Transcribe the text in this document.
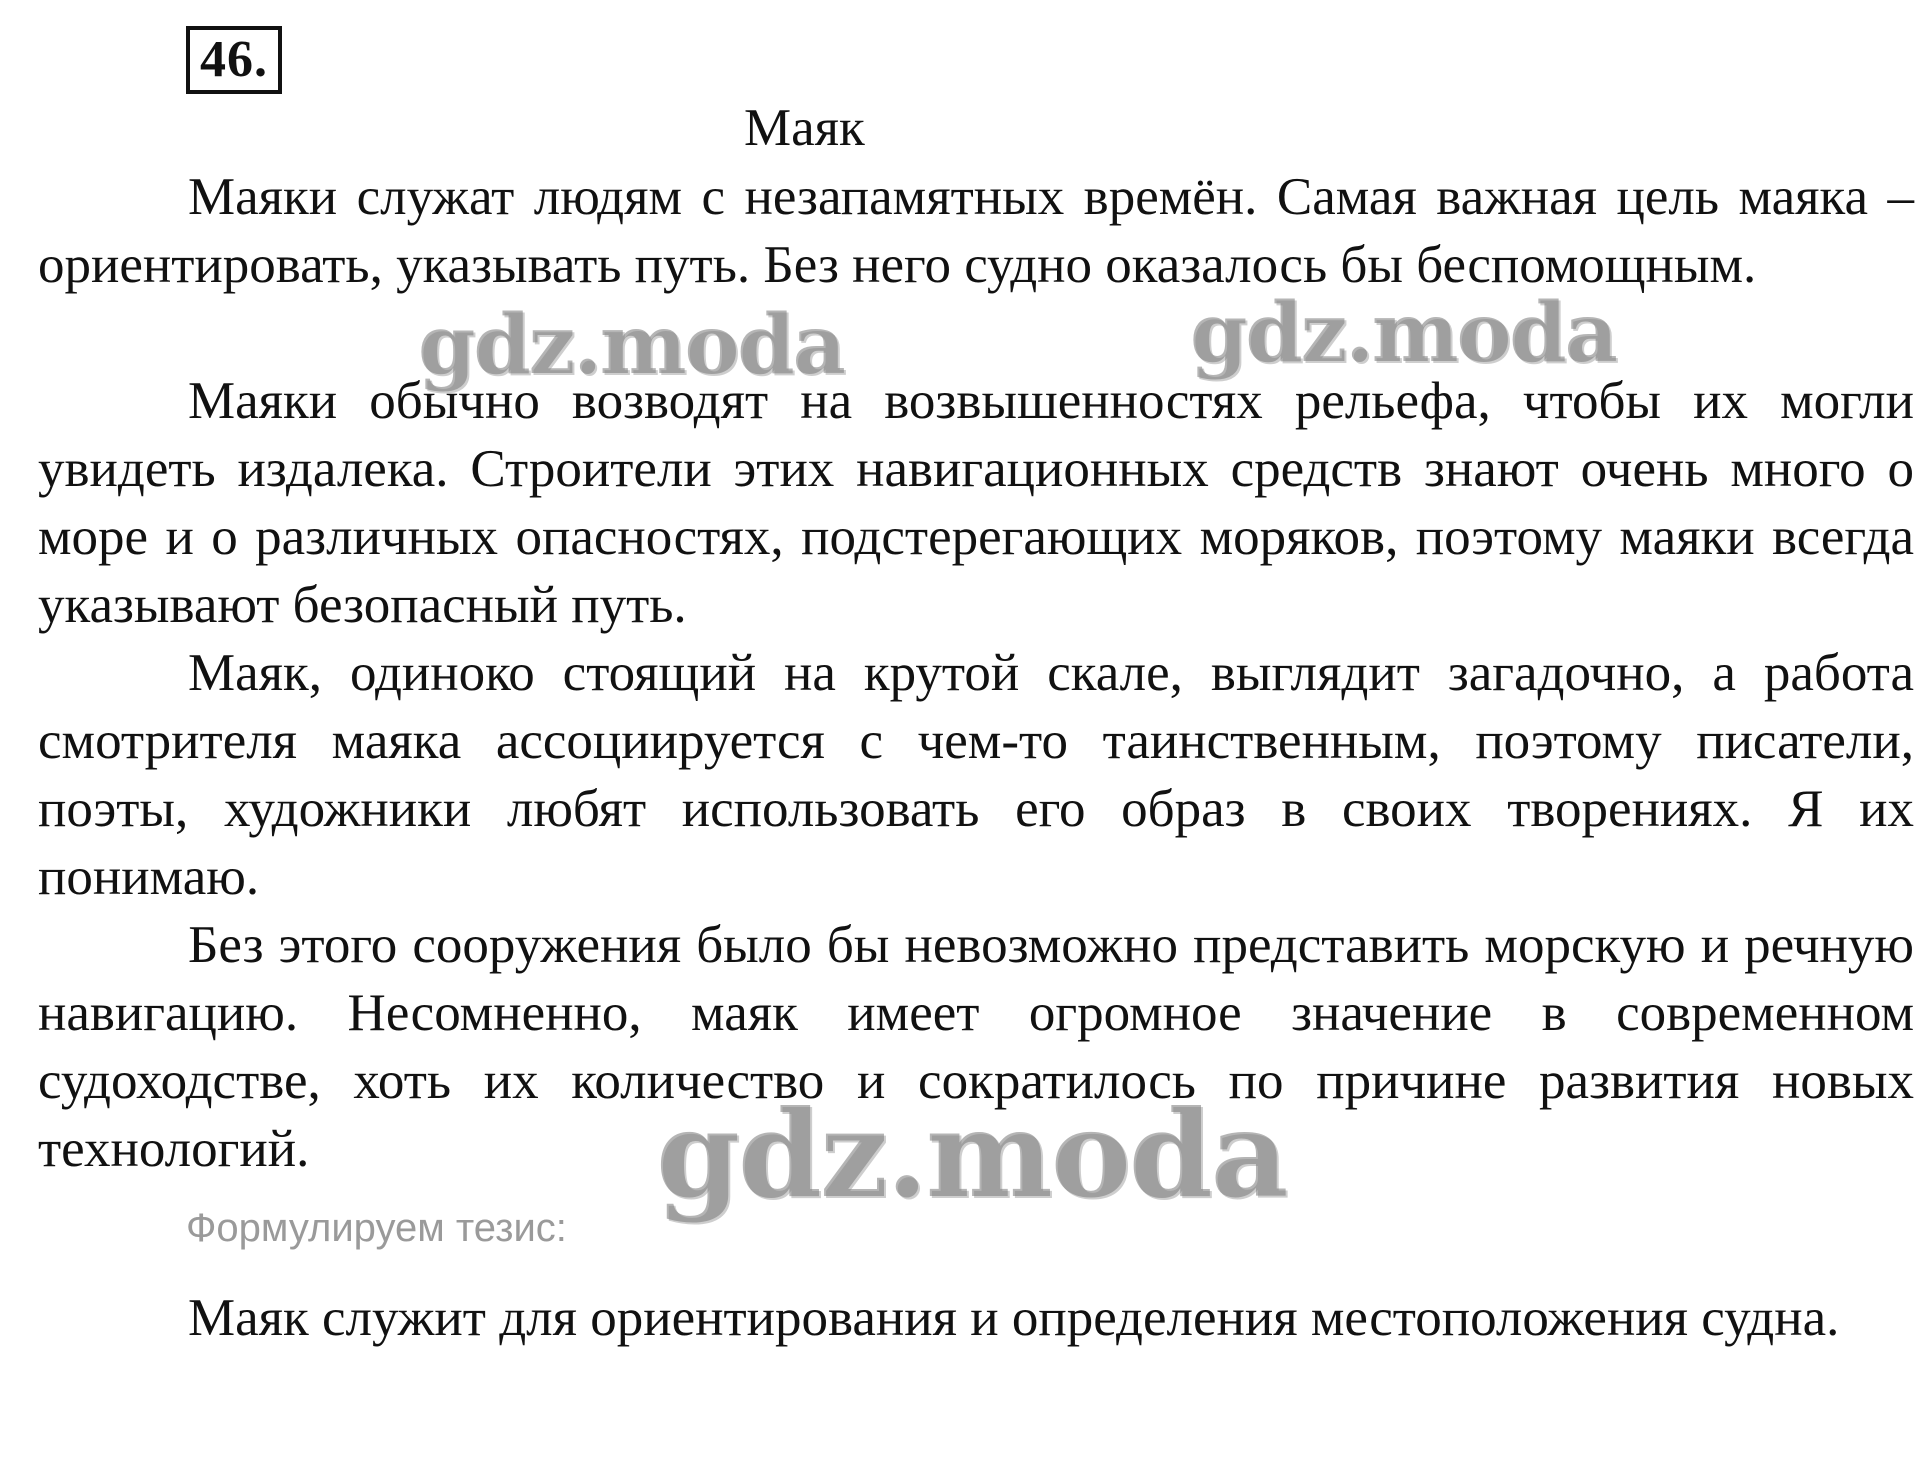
46.
Маяк

Маяки служат людям с незапамятных времён. Самая важная цель маяка – ориентировать, указывать путь. Без него судно оказалось бы беспомощным.

Маяки обычно возводят на возвышенностях рельефа, чтобы их могли увидеть издалека. Строители этих навигационных средств знают очень много о море и о различных опасностях, подстерегающих моряков, поэтому маяки всегда указывают безопасный путь.

Маяк, одиноко стоящий на крутой скале, выглядит загадочно, а работа смотрителя маяка ассоциируется с чем-то таинственным, поэтому писатели, поэты, художники любят использовать его образ в своих творениях. Я их понимаю.

Без этого сооружения было бы невозможно представить морскую и речную навигацию. Несомненно, маяк имеет огромное значение в современном судоходстве, хоть их количество и сократилось по причине развития новых технологий.

Формулируем тезис:

Маяк служит для ориентирования и определения местоположения судна.

gdz.moda	gdz.moda
gdz.moda
